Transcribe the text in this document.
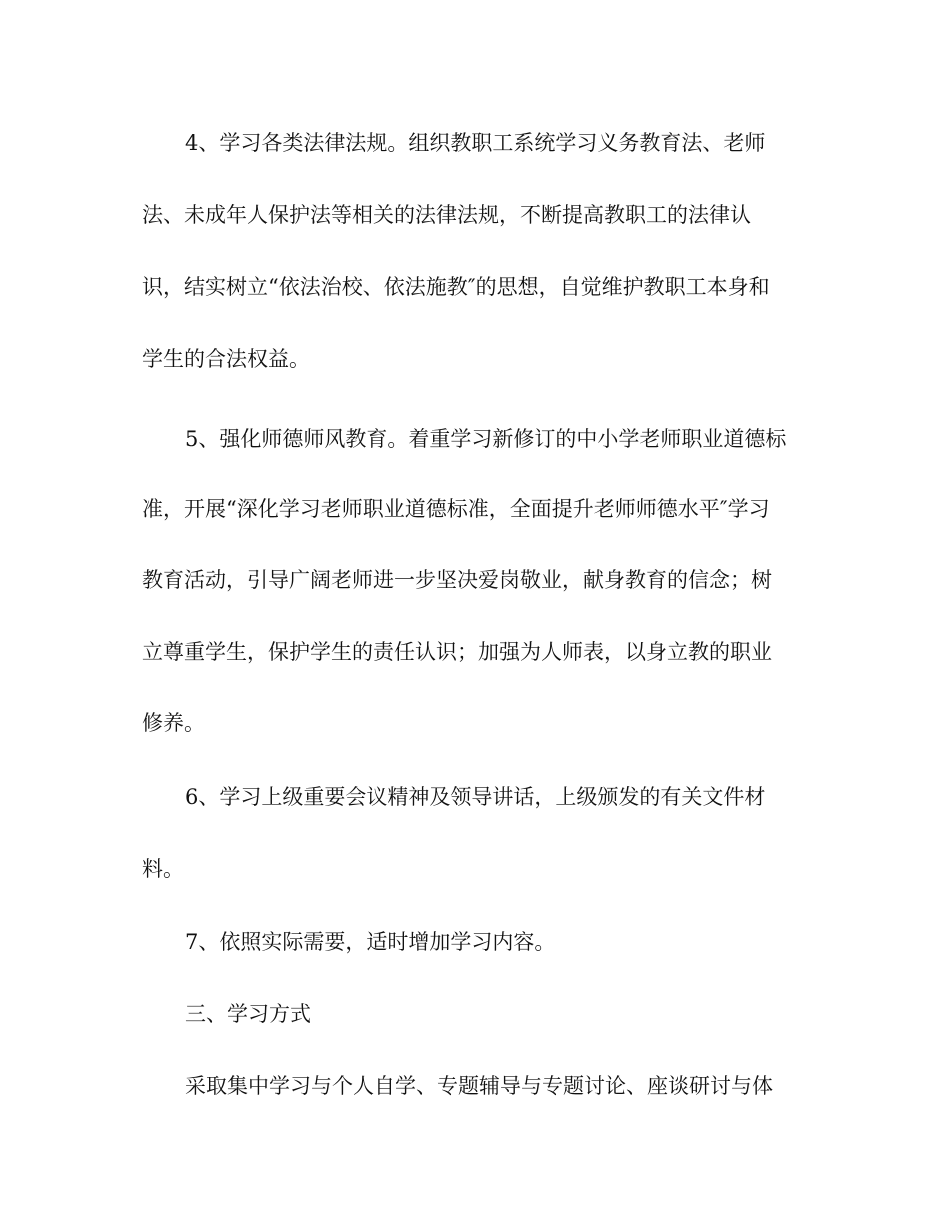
4、学习各类法律法规。组织教职工系统学习义务教育法、老师
法、未成年人保护法等相关的法律法规，不断提高教职工的法律认
识，结实树立“依法治校、依法施教″的思想，自觉维护教职工本身和
学生的合法权益。
5、强化师德师风教育。着重学习新修订的中小学老师职业道德标
准，开展“深化学习老师职业道德标准，全面提升老师师德水平″学习
教育活动，引导广阔老师进一步坚决爱岗敬业，献身教育的信念；树
立尊重学生，保护学生的责任认识；加强为人师表，以身立教的职业
修养。
6、学习上级重要会议精神及领导讲话，上级颁发的有关文件材
料。
7、依照实际需要，适时增加学习内容。
三、学习方式
采取集中学习与个人自学、专题辅导与专题讨论、座谈研讨与体
